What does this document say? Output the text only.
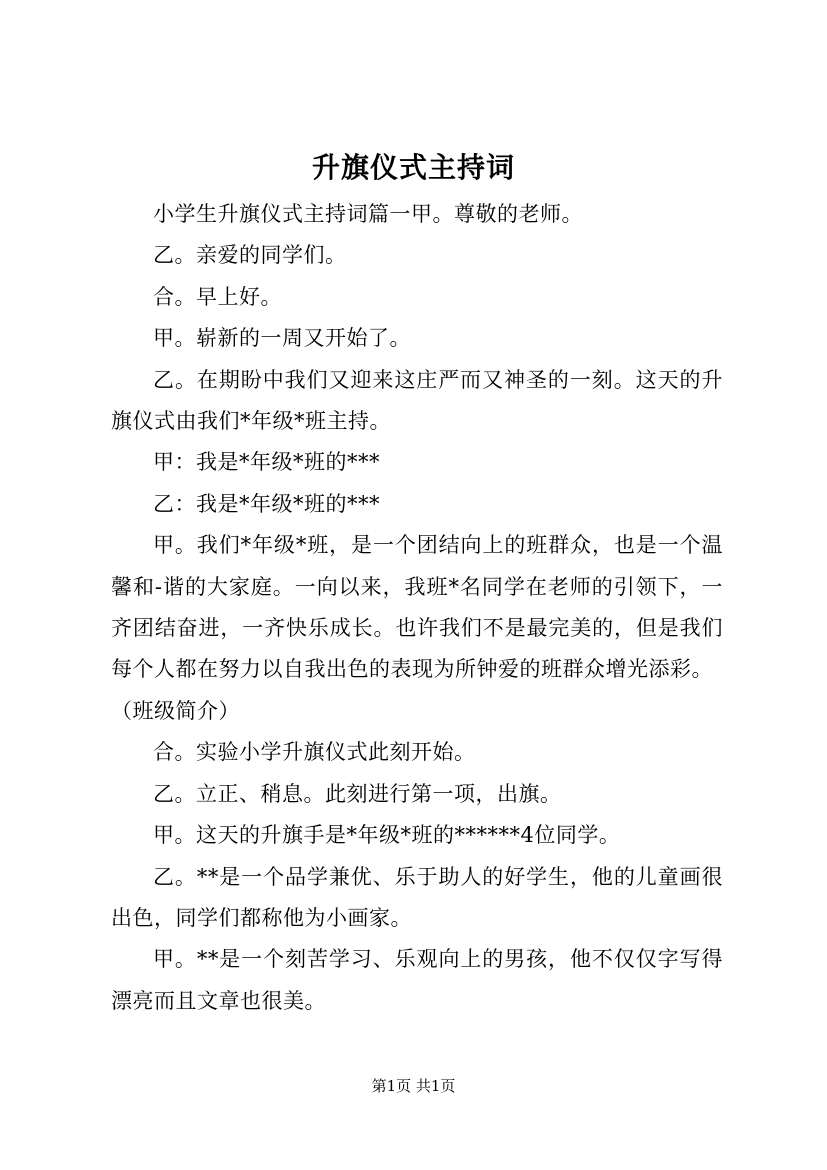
升旗仪式主持词

小学生升旗仪式主持词篇一甲。尊敬的老师。

乙。亲爱的同学们。

合。早上好。

甲。崭新的一周又开始了。

乙。在期盼中我们又迎来这庄严而又神圣的一刻。这天的升旗仪式由我们*年级*班主持。

甲：我是*年级*班的***

乙：我是*年级*班的***

甲。我们*年级*班，是一个团结向上的班群众，也是一个温馨和-谐的大家庭。一向以来，我班*名同学在老师的引领下，一齐团结奋进，一齐快乐成长。也许我们不是最完美的，但是我们每个人都在努力以自我出色的表现为所钟爱的班群众增光添彩。

（班级简介）

合。实验小学升旗仪式此刻开始。

乙。立正、稍息。此刻进行第一项，出旗。

甲。这天的升旗手是*年级*班的******4位同学。

乙。**是一个品学兼优、乐于助人的好学生，他的儿童画很出色，同学们都称他为小画家。

甲。**是一个刻苦学习、乐观向上的男孩，他不仅仅字写得漂亮而且文章也很美。

第1页 共1页
